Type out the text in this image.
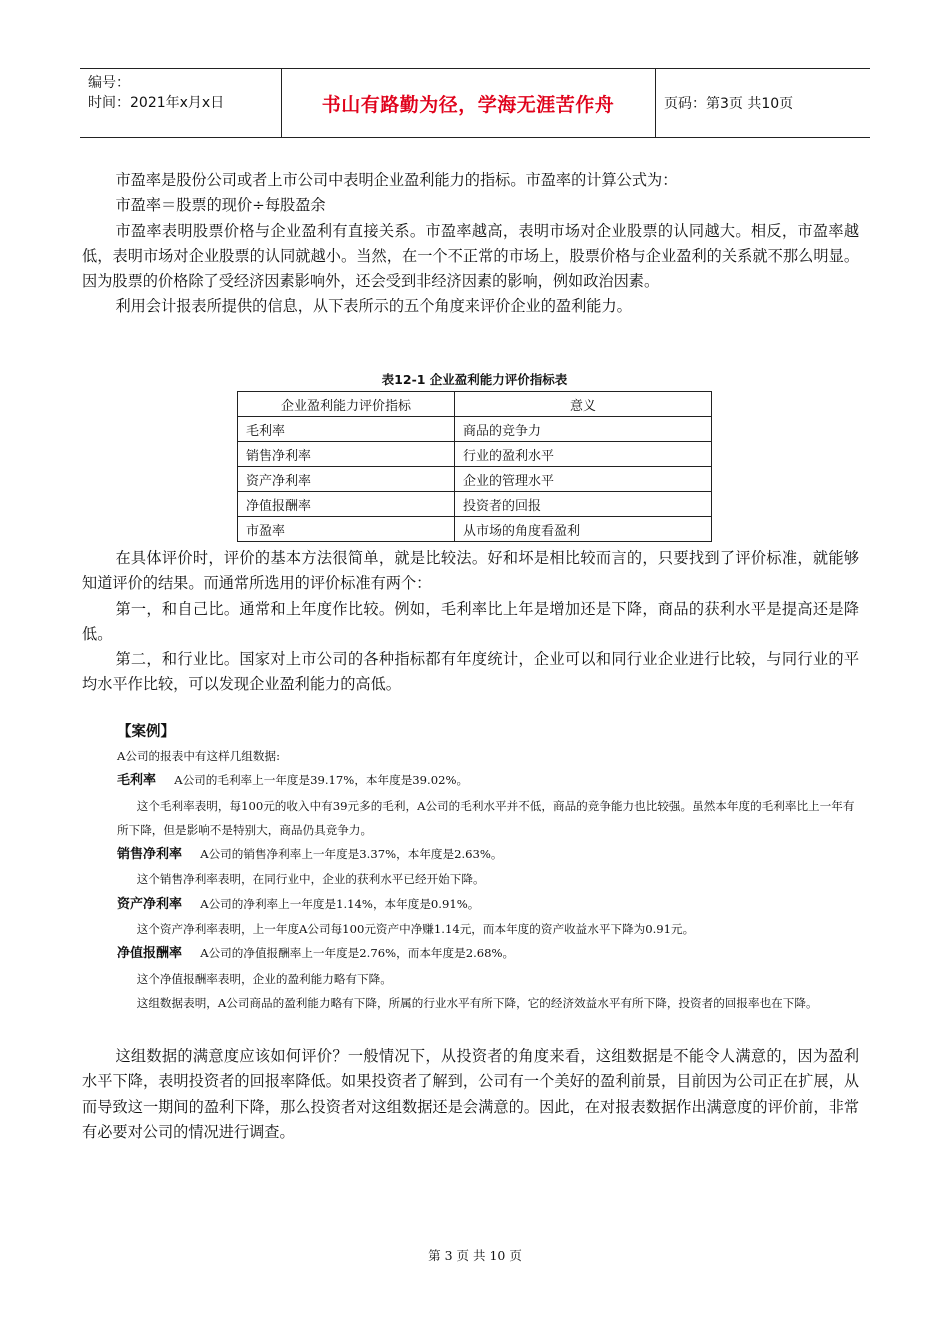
编号：
时间：2021年x月x日	书山有路勤为径，学海无涯苦作舟	页码：第3页 共10页

市盈率是股份公司或者上市公司中表明企业盈利能力的指标。市盈率的计算公式为：

市盈率＝股票的现价÷每股盈余

市盈率表明股票价格与企业盈利有直接关系。市盈率越高，表明市场对企业股票的认同越大。相反，市盈率越低，表明市场对企业股票的认同就越小。当然，在一个不正常的市场上，股票价格与企业盈利的关系就不那么明显。因为股票的价格除了受经济因素影响外，还会受到非经济因素的影响，例如政治因素。

利用会计报表所提供的信息，从下表所示的五个角度来评价企业的盈利能力。

表12-1 企业盈利能力评价指标表
企业盈利能力评价指标	意义
毛利率	商品的竞争力
销售净利率	行业的盈利水平
资产净利率	企业的管理水平
净值报酬率	投资者的回报
市盈率	从市场的角度看盈利

在具体评价时，评价的基本方法很简单，就是比较法。好和坏是相比较而言的，只要找到了评价标准，就能够知道评价的结果。而通常所选用的评价标准有两个：

第一，和自己比。通常和上年度作比较。例如，毛利率比上年是增加还是下降，商品的获利水平是提高还是降低。

第二，和行业比。国家对上市公司的各种指标都有年度统计，企业可以和同行业企业进行比较，与同行业的平均水平作比较，可以发现企业盈利能力的高低。

【案例】

A公司的报表中有这样几组数据:

毛利率 A公司的毛利率上一年度是39.17%，本年度是39.02%。

这个毛利率表明，每100元的收入中有39元多的毛利，A公司的毛利水平并不低，商品的竞争能力也比较强。虽然本年度的毛利率比上一年有所下降，但是影响不是特别大，商品仍具竞争力。

销售净利率 A公司的销售净利率上一年度是3.37%，本年度是2.63%。

这个销售净利率表明，在同行业中，企业的获利水平已经开始下降。

资产净利率 A公司的净利率上一年度是1.14%，本年度是0.91%。

这个资产净利率表明，上一年度A公司每100元资产中净赚1.14元，而本年度的资产收益水平下降为0.91元。

净值报酬率 A公司的净值报酬率上一年度是2.76%，而本年度是2.68%。

这个净值报酬率表明，企业的盈利能力略有下降。

这组数据表明，A公司商品的盈利能力略有下降，所属的行业水平有所下降，它的经济效益水平有所下降，投资者的回报率也在下降。

这组数据的满意度应该如何评价？一般情况下，从投资者的角度来看，这组数据是不能令人满意的，因为盈利水平下降，表明投资者的回报率降低。如果投资者了解到，公司有一个美好的盈利前景，目前因为公司正在扩展，从而导致这一期间的盈利下降，那么投资者对这组数据还是会满意的。因此，在对报表数据作出满意度的评价前，非常有必要对公司的情况进行调查。

第 3 页 共 10 页
